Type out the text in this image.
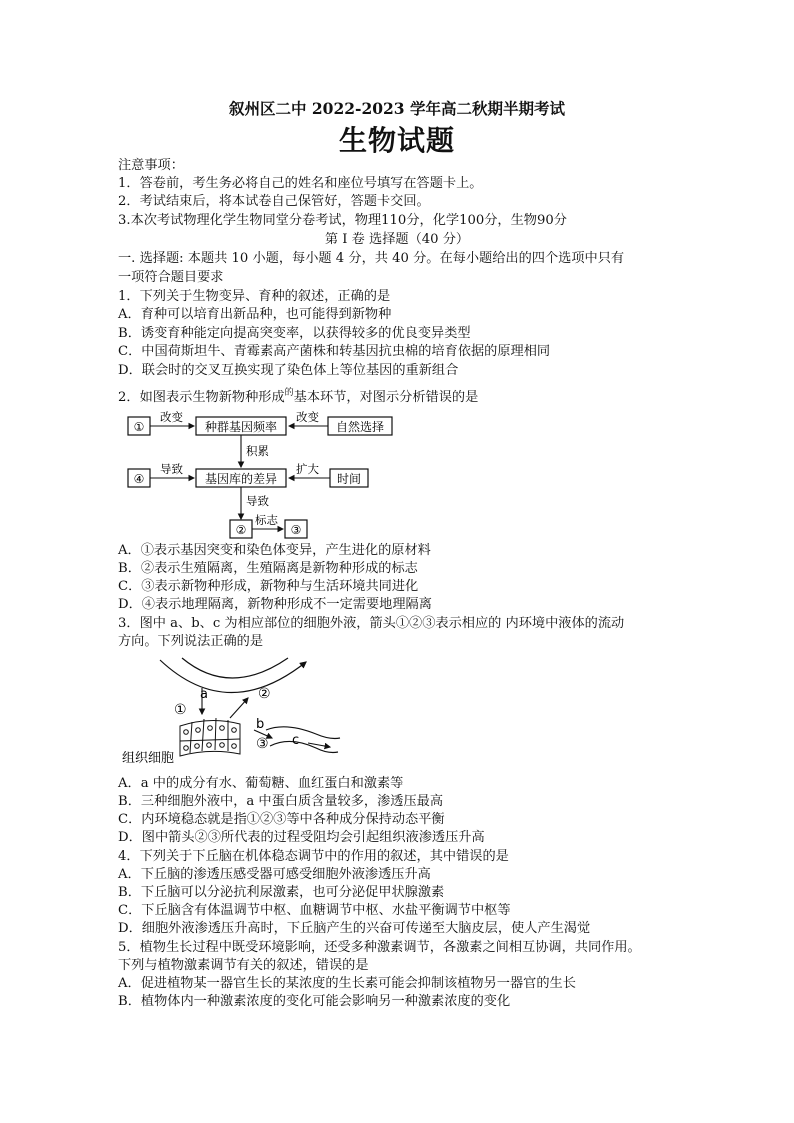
叙州区二中 2022-2023 学年高二秋期半期考试
生物试题
注意事项：
1．答卷前，考生务必将自己的姓名和座位号填写在答题卡上。
2．考试结束后，将本试卷自己保管好，答题卡交回。
3.本次考试物理化学生物同堂分卷考试，物理110分，化学100分，生物90分
第 I 卷 选择题（40 分）
一. 选择题: 本题共 10 小题，每小题 4 分，共 40 分。在每小题给出的四个选项中只有
一项符合题目要求
1．下列关于生物变异、育种的叙述，正确的是
A．育种可以培育出新品种，也可能得到新物种
B．诱变育种能定向提高突变率，以获得较多的优良变异类型
C．中国荷斯坦牛、青霉素高产菌株和转基因抗虫棉的培育依据的原理相同
D．联会时的交叉互换实现了染色体上等位基因的重新组合
2．如图表示生物新物种形成$^的$基本环节，对图示分析错误的是
①
改变
种群基因频率
改变
自然选择
积累
④
导致
基因库的差异
扩大
时间
导致
②
标志
③
A．①表示基因突变和染色体变异，产生进化的原材料
B．②表示生殖隔离，生殖隔离是新物种形成的标志
C．③表示新物种形成，新物种与生活环境共同进化
D．④表示地理隔离，新物种形成不一定需要地理隔离
3．图中 a、b、c 为相应部位的细胞外液，箭头①②③表示相应的 内环境中液体的流动
方向。下列说法正确的是
a
①
②
b
③ c
组织细胞
A．a 中的成分有水、葡萄糖、血红蛋白和激素等
B．三种细胞外液中，a 中蛋白质含量较多，渗透压最高
C．内环境稳态就是指①②③等中各种成分保持动态平衡
D．图中箭头②③所代表的过程受阻均会引起组织液渗透压升高
4．下列关于下丘脑在机体稳态调节中的作用的叙述，其中错误的是
A．下丘脑的渗透压感受器可感受细胞外液渗透压升高
B．下丘脑可以分泌抗利尿激素，也可分泌促甲状腺激素
C．下丘脑含有体温调节中枢、血糖调节中枢、水盐平衡调节中枢等
D．细胞外液渗透压升高时，下丘脑产生的兴奋可传递至大脑皮层，使人产生渴觉
5．植物生长过程中既受环境影响，还受多种激素调节，各激素之间相互协调，共同作用。
下列与植物激素调节有关的叙述，错误的是
A．促进植物某一器官生长的某浓度的生长素可能会抑制该植物另一器官的生长
B．植物体内一种激素浓度的变化可能会影响另一种激素浓度的变化
